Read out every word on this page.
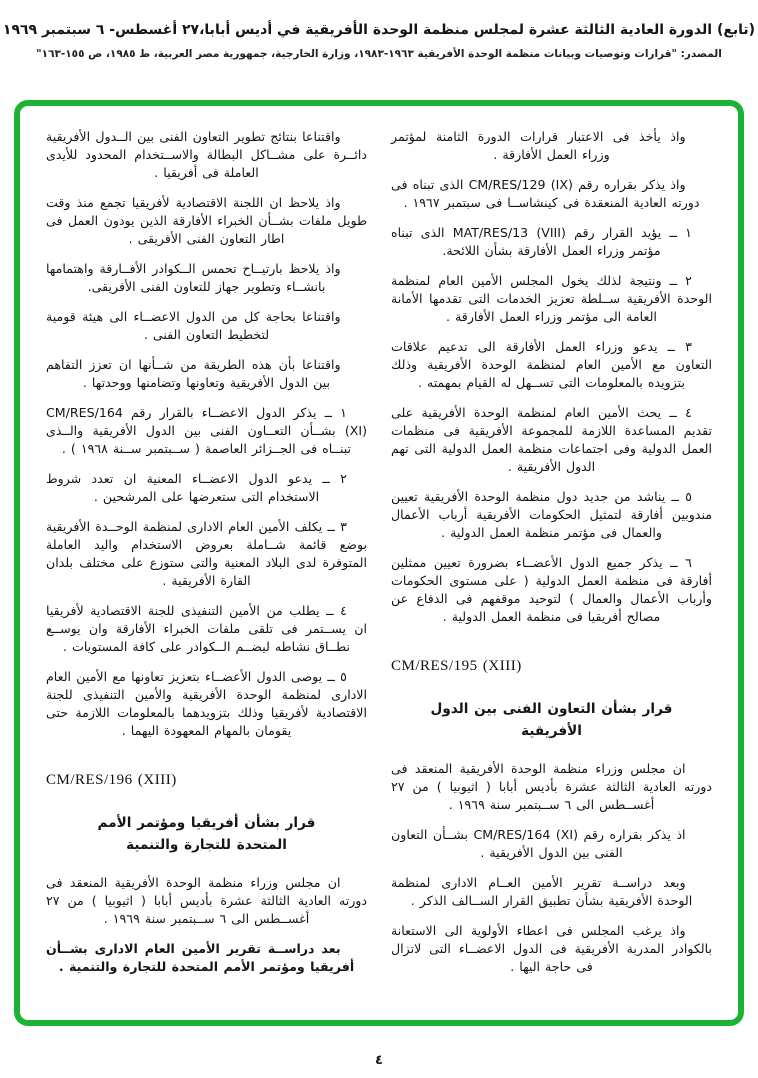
(تابع) الدورة العادية الثالثة عشرة لمجلس منظمة الوحدة الأفريقية في أديس أبابا،٢٧ أغسطس- ٦ سبتمبر ١٩٦٩
المصدر: "قرارات وتوصيات وبيانات منظمة الوحدة الأفريقية ١٩٦٣-١٩٨٣، وزارة الخارجية، جمهورية مصر العربية، ط ١٩٨٥، ص ١٥٥-١٦٣"

واذ يأخذ فى الاعتبار قرارات الدورة الثامنة لمؤتمر وزراء العمل الأفارقة .

واذ يذكر بقراره رقم ‎CM/RES/129 (IX)‎ الذى تبناه فى دورته العادية المنعقدة فى كينشاســا فى سبتمبر ١٩٦٧ .

١ ــ يؤيد القرار رقم ‎MAT/RES/13 (VIII)‎ الذى تبناه مؤتمر وزراء العمل الأفارقة بشأن اللائحة.

٢ ــ ونتيجة لذلك يخول المجلس الأمين العام لمنظمة الوحدة الأفريقية ســلطة تعزيز الخدمات التى تقدمها الأمانة العامة الى مؤتمر وزراء العمل الأفارقة .

٣ ــ يدعو وزراء العمل الأفارقة الى تدعيم علاقات التعاون مع الأمين العام لمنظمة الوحدة الأفريقية وذلك بتزويده بالمعلومات التى تســهل له القيام بمهمته .

٤ ــ يحث الأمين العام لمنظمة الوحدة الأفريقية على تقديم المساعدة اللازمة للمجموعة الأفريقية فى منظمات العمل الدولية وفى اجتماعات منظمة العمل الدولية التى تهم الدول الأفريقية .

٥ ــ يناشد من جديد دول منظمة الوحدة الأفريقية تعيين مندوبين أفارقة لتمثيل الحكومات الأفريقية أرباب الأعمال والعمال فى مؤتمر منظمة العمل الدولية .

٦ ــ يذكر جميع الدول الأعضــاء بضرورة تعيين ممثلين أفارقة فى منظمة العمل الدولية ( على مستوى الحكومات وأرباب الأعمال والعمال ) لتوحيد موقفهم فى الدفاع عن مصالح أفريقيا فى منظمة العمل الدولية .

CM/RES/195 (XIII)

قرار بشأن التعاون الفنى بين الدول الأفريقية

ان مجلس وزراء منظمة الوحدة الأفريقية المنعقد فى دورته العادية الثالثة عشرة بأديس أبابا ( اثيوبيا ) من ٢٧ أغســطس الى ٦ ســبتمبر سنة ١٩٦٩ .

اذ يذكر بقراره رقم ‎CM/RES/164 (XI)‎ بشــأن التعاون الفنى بين الدول الأفريقية .

وبعد دراســة تقرير الأمين العــام الادارى لمنظمة الوحدة الأفريقية بشأن تطبيق القرار الســالف الذكر .

واذ يرغب المجلس فى اعطاء الأولوية الى الاستعانة بالكوادر المدربة الأفريقية فى الدول الاعضــاء التى لاتزال فى حاجة اليها .

واقتناعا بنتائج تطوير التعاون الفنى بين الــدول الأفريقية دائــرة على مشــاكل البطالة والاســتخدام المحدود للأيدى العاملة فى أفريقيا .

واذ يلاحظ ان اللجنة الاقتصادية لأفريقيا تجمع منذ وقت طويل ملفات بشــأن الخبراء الأفارقة الذين يودون العمل فى اطار التعاون الفنى الأفريقى .

واذ يلاحظ بارتيــاح تحمس الــكوادر الأفــارقة واهتمامها بانشــاء وتطوير جهاز للتعاون الفنى الأفريقى.

واقتناعا بحاجة كل من الدول الاعضــاء الى هيئة قومية لتخطيط التعاون الفنى .

واقتناعا بأن هذه الطريقة من شــأنها ان تعزز التفاهم بين الدول الأفريقية وتعاونها وتضامنها ووحدتها .

١ ــ يذكر الدول الاعضــاء بالقرار رقم ‎CM/RES/164 (XI)‎ بشــأن التعــاون الفنى بين الدول الأفريقية والــذى تبنــاه فى الجــزائر العاصمة ( ســبتمبر ســنة ١٩٦٨ ) .

٢ ــ يدعو الدول الاعضــاء المعنية ان تعدد شروط الاستخدام التى ستعرضها على المرشحين .

٣ ــ يكلف الأمين العام الادارى لمنظمة الوحــدة الأفريقية بوضع قائمة شــاملة بعروض الاستخدام واليد العاملة المتوفرة لدى البلاد المعنية والتى ستوزع على مختلف بلدان القارة الأفريقية .

٤ ــ يطلب من الأمين التنفيذى للجنة الاقتصادية لأفريقيا ان يســتمر فى تلقى ملفات الخبراء الأفارقة وان يوســع نطــاق نشاطه ليضــم الــكوادر على كافة المستويات .

٥ ــ يوصى الدول الأعضــاء بتعزيز تعاونها مع الأمين العام الادارى لمنظمة الوحدة الأفريقية والأمين التنفيذى للجنة الاقتصادية لأفريقيا وذلك بتزويدهما بالمعلومات اللازمة حتى يقومان بالمهام المعهودة اليهما .

CM/RES/196 (XIII)

قرار بشأن أفريقيا ومؤتمر الأمم المتحدة للتجارة والتنمية

ان مجلس وزراء منظمة الوحدة الأفريقية المنعقد فى دورته العادية الثالثة عشرة بأديس أبابا ( اثيوبيا ) من ٢٧ أغســطس الى ٦ ســبتمبر سنة ١٩٦٩ .

بعد دراســة تقرير الأمين العام الادارى بشــأن أفريقيا ومؤتمر الأمم المتحدة للتجارة والتنمية .

٤
